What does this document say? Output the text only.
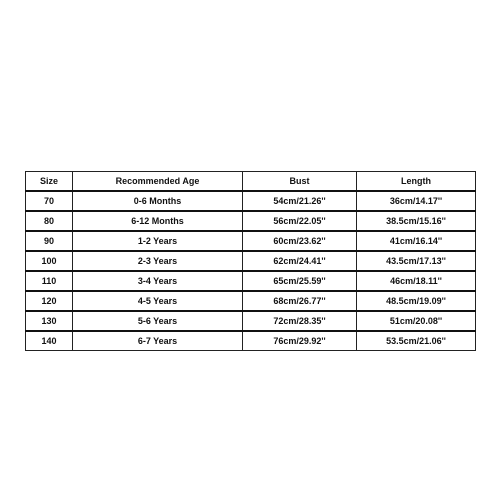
Size	Recommended Age	Bust	Length
70	0-6 Months	54cm/21.26''	36cm/14.17''
80	6-12 Months	56cm/22.05''	38.5cm/15.16''
90	1-2 Years	60cm/23.62''	41cm/16.14''
100	2-3 Years	62cm/24.41''	43.5cm/17.13''
110	3-4 Years	65cm/25.59''	46cm/18.11''
120	4-5 Years	68cm/26.77''	48.5cm/19.09''
130	5-6 Years	72cm/28.35''	51cm/20.08''
140	6-7 Years	76cm/29.92''	53.5cm/21.06''
